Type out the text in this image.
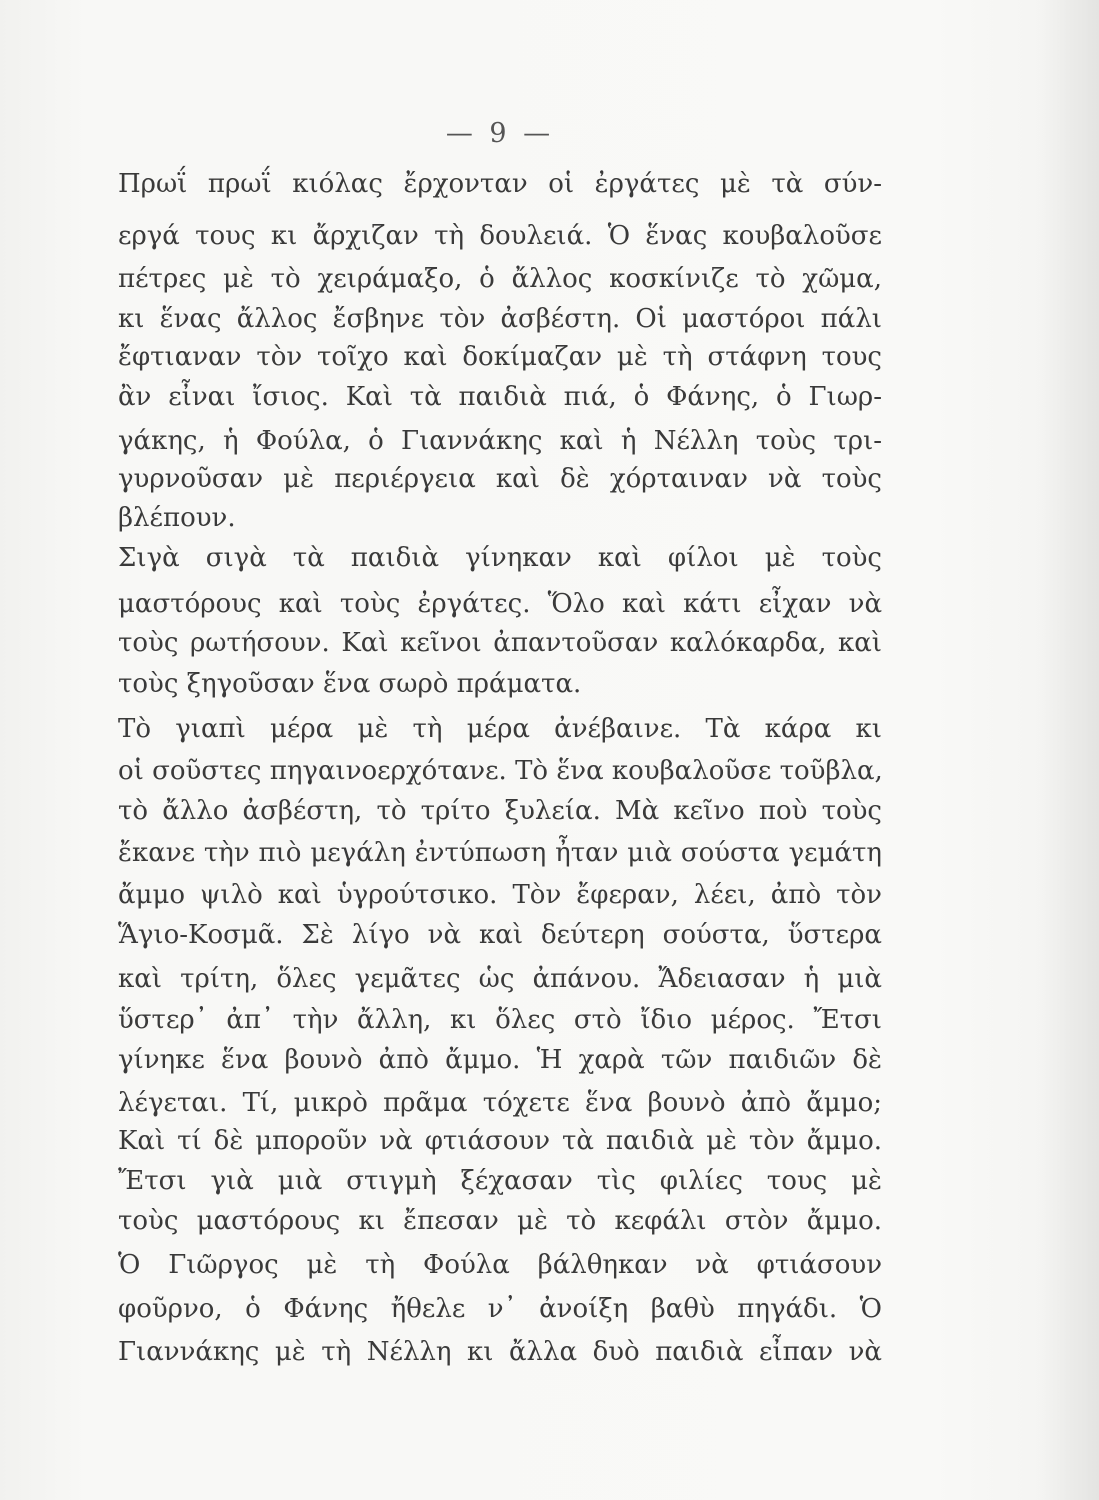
— 9 —
Πρωΐ πρωΐ κιόλας ἔρχονταν οἱ ἐργάτες μὲ τὰ σύν-
εργά τους κι ἄρχιζαν τὴ δουλειά. Ὁ ἕνας κουβαλοῦσε
πέτρες μὲ τὸ χειράμαξο, ὁ ἄλλος κοσκίνιζε τὸ χῶμα,
κι ἕνας ἄλλος ἔσβηνε τὸν ἀσβέστη. Οἱ μαστόροι πάλι
ἔφτιαναν τὸν τοῖχο καὶ δοκίμαζαν μὲ τὴ στάφνη τους
ἂν εἶναι ἴσιος. Καὶ τὰ παιδιὰ πιά, ὁ Φάνης, ὁ Γιωρ-
γάκης, ἡ Φούλα, ὁ Γιαννάκης καὶ ἡ Νέλλη τοὺς τρι-
γυρνοῦσαν μὲ περιέργεια καὶ δὲ χόρταιναν νὰ τοὺς
βλέπουν.
Σιγὰ σιγὰ τὰ παιδιὰ γίνηκαν καὶ φίλοι μὲ τοὺς
μαστόρους καὶ τοὺς ἐργάτες. Ὅλο καὶ κάτι εἶχαν νὰ
τοὺς ρωτήσουν. Καὶ κεῖνοι ἀπαντοῦσαν καλόκαρδα, καὶ
τοὺς ξηγοῦσαν ἕνα σωρὸ πράματα.
Τὸ γιαπὶ μέρα μὲ τὴ μέρα ἀνέβαινε. Τὰ κάρα κι
οἱ σοῦστες πηγαινοερχότανε. Τὸ ἕνα κουβαλοῦσε τοῦβλα,
τὸ ἄλλο ἀσβέστη, τὸ τρίτο ξυλεία. Μὰ κεῖνο ποὺ τοὺς
ἔκανε τὴν πιὸ μεγάλη ἐντύπωση ἦταν μιὰ σούστα γεμάτη
ἄμμο ψιλὸ καὶ ὑγρούτσικο. Τὸν ἔφεραν, λέει, ἀπὸ τὸν
Ἅγιο-Κοσμᾶ. Σὲ λίγο νὰ καὶ δεύτερη σούστα, ὕστερα
καὶ τρίτη, ὅλες γεμᾶτες ὡς ἀπάνου. Ἄδειασαν ἡ μιὰ
ὕστερ᾽ ἀπ᾽ τὴν ἄλλη, κι ὅλες στὸ ἴδιο μέρος. Ἔτσι
γίνηκε ἕνα βουνὸ ἀπὸ ἄμμο. Ἡ χαρὰ τῶν παιδιῶν δὲ
λέγεται. Τί, μικρὸ πρᾶμα τόχετε ἕνα βουνὸ ἀπὸ ἄμμο;
Καὶ τί δὲ μποροῦν νὰ φτιάσουν τὰ παιδιὰ μὲ τὸν ἄμμο.
Ἔτσι γιὰ μιὰ στιγμὴ ξέχασαν τὶς φιλίες τους μὲ
τοὺς μαστόρους κι ἔπεσαν μὲ τὸ κεφάλι στὸν ἄμμο.
Ὁ Γιῶργος μὲ τὴ Φούλα βάλθηκαν νὰ φτιάσουν
φοῦρνο, ὁ Φάνης ἤθελε ν᾽ ἀνοίξη βαθὺ πηγάδι. Ὁ
Γιαννάκης μὲ τὴ Νέλλη κι ἄλλα δυὸ παιδιὰ εἶπαν νὰ
